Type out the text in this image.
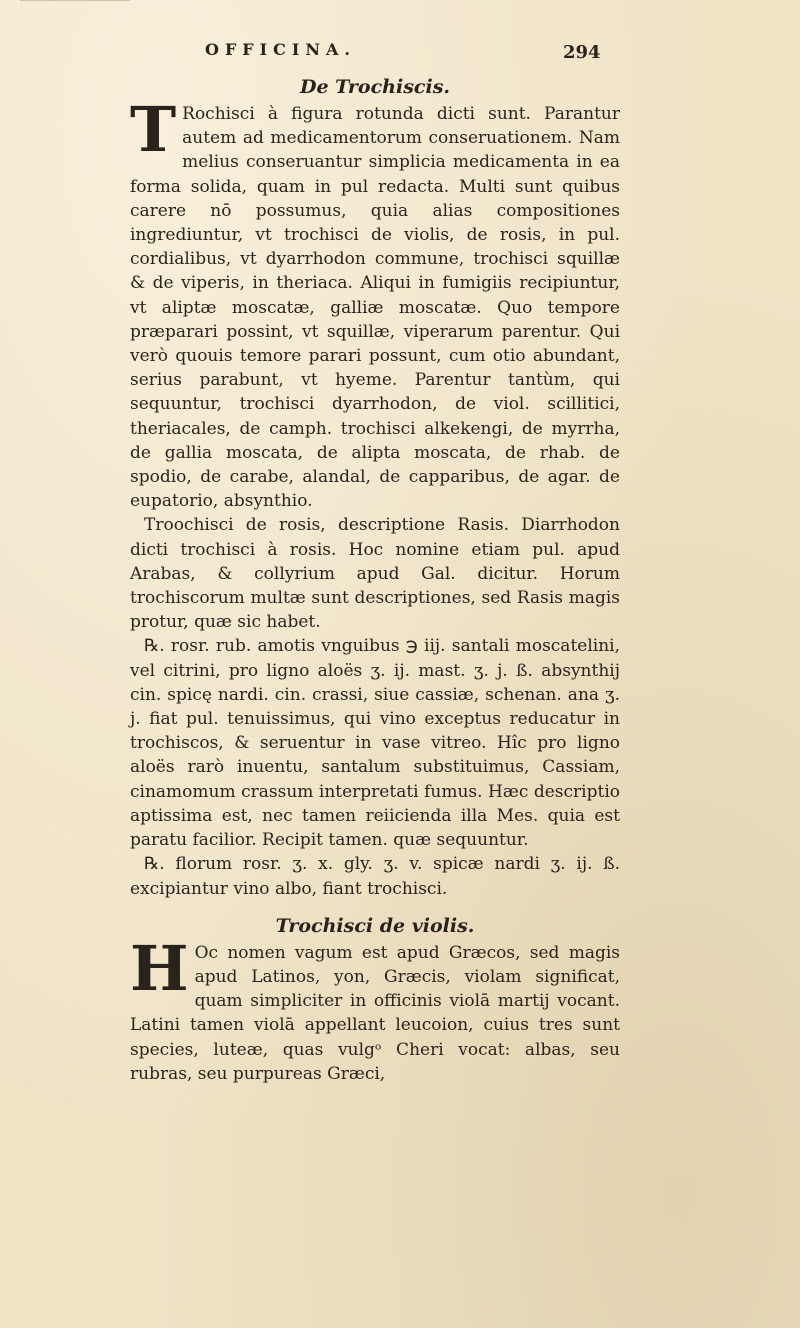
OFFICINA.	294
De Trochiscis.

T Rochisci à figura rotunda dicti sunt. Parantur autem ad medicamentorum conseruationem. Nam melius conseruantur simplicia medicamenta in ea forma solida, quam in pul redacta. Multi sunt quibus carere nō possumus, quia alias compositiones ingrediuntur, vt trochisci de violis, de rosis, in pul. cordialibus, vt dyarrhodon commune, trochisci squillæ & de viperis, in theriaca. Aliqui in fumigiis recipiuntur, vt aliptæ moscatæ, galliæ moscatæ. Quo tempore præparari possint, vt squillæ, viperarum parentur. Qui verò quouis temore parari possunt, cum otio abundant, serius parabunt, vt hyeme. Parentur tantùm, qui sequuntur, trochisci dyarrhodon, de viol. scillitici, theriacales, de camph. trochisci alkekengi, de myrrha, de gallia moscata, de alipta moscata, de rhab. de spodio, de carabe, alandal, de capparibus, de agar. de eupatorio, absynthio.

Troochisci de rosis, descriptione Rasis. Diarrhodon dicti trochisci à rosis. Hoc nomine etiam pul. apud Arabas, & collyrium apud Gal. dicitur. Horum trochiscorum multæ sunt descriptiones, sed Rasis magis protur, quæ sic habet.

℞. rosr. rub. amotis vnguibus ℈ iij. santali moscatelini, vel citrini, pro ligno aloës ʒ. ij. mast. ʒ. j. ß. absynthij cin. spicę nardi. cin. crassi, siue cassiæ, schenan. ana ʒ. j. fiat pul. tenuissimus, qui vino exceptus reducatur in trochiscos, & seruentur in vase vitreo. Hîc pro ligno aloës rarò inuentu, santalum substituimus, Cassiam, cinamomum crassum interpretati fumus. Hæc descriptio aptissima est, nec tamen reiicienda illa Mes. quia est paratu facilior. Recipit tamen. quæ sequuntur.

℞. florum rosr. ʒ. x. gly. ʒ. v. spicæ nardi ʒ. ij. ß. excipiantur vino albo, fiant trochisci.

Trochisci de violis.

H Oc nomen vagum est apud Græcos, sed magis apud Latinos, yon, Græcis, violam significat, quam simpliciter in officinis violā martij vocant. Latini tamen violā appellant leucoion, cuius tres sunt species, luteæ, quas vulgᵒ Cheri vocat: albas, seu rubras, seu purpureas Græci,
